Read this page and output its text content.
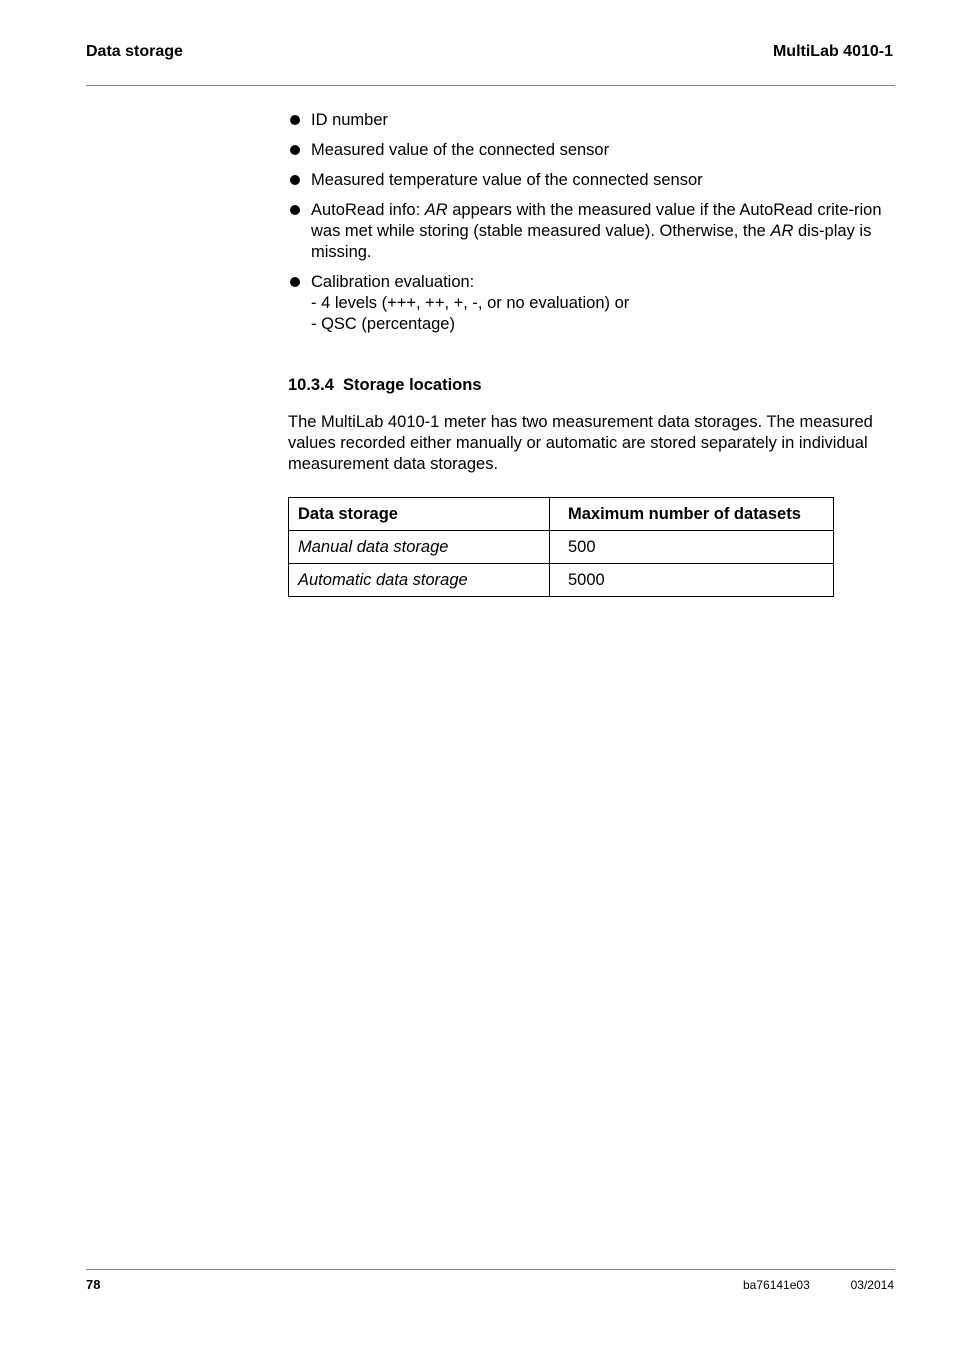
Data storage	MultiLab 4010-1
ID number
Measured value of the connected sensor
Measured temperature value of the connected sensor
AutoRead info: AR appears with the measured value if the AutoRead crite-rion was met while storing (stable measured value). Otherwise, the AR dis-play is missing.
Calibration evaluation:
- 4 levels (+++, ++, +, -, or no evaluation) or
- QSC (percentage)
10.3.4 Storage locations
The MultiLab 4010-1 meter has two measurement data storages. The measured values recorded either manually or automatic are stored separately in individual measurement data storages.
Data storage	Maximum number of datasets
Manual data storage	500
Automatic data storage	5000
78	ba76141e03	03/2014
